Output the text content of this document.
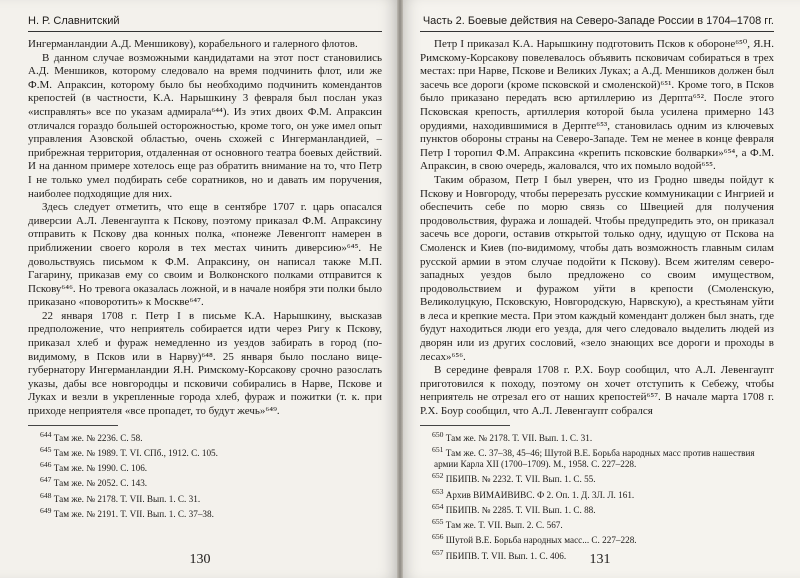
Н. Р. Славнитский

Ингерманландии А.Д. Меншикову), корабельного и галерного флотов.

В данном случае возможными кандидатами на этот пост становились А.Д. Меншиков, которому следовало на время подчинить флот, или же Ф.М. Апраксин, которому было бы необходимо подчинить комендантов крепостей (в частности, К.А. Нарышкину 3 февраля был послан указ «исправлять» все по указам адмирала⁶⁴⁴). Из этих двоих Ф.М. Апраксин отличался гораздо большей осторожностью, кроме того, он уже имел опыт управления Азовской областью, очень схожей с Ингерманландией, – прибрежная территория, отдаленная от основного театра боевых действий. И на данном примере хотелось еще раз обратить внимание на то, что Петр I не только умел подбирать себе соратников, но и давать им поручения, наиболее подходящие для них.

Здесь следует отметить, что еще в сентябре 1707 г. царь опасался диверсии А.Л. Левенгаупта к Пскову, поэтому приказал Ф.М. Апраксину отправить к Пскову два конных полка, «понеже Левенгопт намерен в приближении своего короля в тех местах чинить диверсию»⁶⁴⁵. Не довольствуясь письмом к Ф.М. Апраксину, он написал также М.П. Гагарину, приказав ему со своим и Волконского полками отправится к Пскову⁶⁴⁶. Но тревога оказалась ложной, и в начале ноября эти полки было приказано «поворотить» к Москве⁶⁴⁷.

22 января 1708 г. Петр I в письме К.А. Нарышкину, высказав предположение, что неприятель собирается идти через Ригу к Пскову, приказал хлеб и фураж немедленно из уездов забирать в город (по-видимому, в Псков или в Нарву)⁶⁴⁸. 25 января было послано вице-губернатору Ингерманландии Я.Н. Римскому-Корсакову срочно разослать указы, дабы все новгородцы и псковичи собирались в Нарве, Пскове и Луках и везли в укрепленные города хлеб, фураж и пожитки (т. к. при приходе неприятеля «все пропадет, то будут жечь»⁶⁴⁹.

$^{644}$ Там же. № 2236. С. 58.
$^{645}$ Там же. № 1989. Т. VI. СПб., 1912. С. 105.
$^{646}$ Там же. № 1990. С. 106.
$^{647}$ Там же. № 2052. С. 143.
$^{648}$ Там же. № 2178. Т. VII. Вып. 1. С. 31.
$^{649}$ Там же. № 2191. Т. VII. Вып. 1. С. 37–38.
130
Часть 2. Боевые действия на Северо-Западе России в 1704–1708 гг.

Петр I приказал К.А. Нарышкину подготовить Псков к обороне⁶⁵⁰, Я.Н. Римскому-Корсакову повелевалось объявить псковичам собираться в трех местах: при Нарве, Пскове и Великих Луках; а А.Д. Меншиков должен был засечь все дороги (кроме псковской и смоленской)⁶⁵¹. Кроме того, в Псков было приказано передать всю артиллерию из Дерпта⁶⁵². После этого Псковская крепость, артиллерия которой была усилена примерно 143 орудиями, находившимися в Дерпте⁶⁵³, становилась одним из ключевых пунктов обороны страны на Северо-Западе. Тем не менее в конце февраля Петр I торопил Ф.М. Апраксина «крепить псковские болварки»⁶⁵⁴, а Ф.М. Апраксин, в свою очередь, жаловался, что их помыло водой⁶⁵⁵.

Таким образом, Петр I был уверен, что из Гродно шведы пойдут к Пскову и Новгороду, чтобы перерезать русские коммуникации с Ингрией и обеспечить себе по морю связь со Швецией для получения продовольствия, фуража и лошадей. Чтобы предупредить это, он приказал засечь все дороги, оставив открытой только одну, идущую от Пскова на Смоленск и Киев (по-видимому, чтобы дать возможность главным силам русской армии в этом случае подойти к Пскову). Всем жителям северо-западных уездов было предложено со своим имуществом, продовольствием и фуражом уйти в крепости (Смоленскую, Великолуцкую, Псковскую, Новгородскую, Нарвскую), а крестьянам уйти в леса и крепкие места. При этом каждый комендант должен был знать, где будут находиться люди его уезда, для чего следовало выделить людей из дворян или из других сословий, «зело знающих все дороги и проходы в лесах»⁶⁵⁶.

В середине февраля 1708 г. Р.Х. Боур сообщил, что А.Л. Левенгаупт приготовился к походу, поэтому он хочет отступить к Себежу, чтобы неприятель не отрезал его от наших крепостей⁶⁵⁷. В начале марта 1708 г. Р.Х. Боур сообщил, что А.Л. Левенгаупт собрался

$^{650}$ Там же. № 2178. Т. VII. Вып. 1. С. 31.
$^{651}$ Там же. С. 37–38, 45–46; Шутой В.Е. Борьба народных масс против нашествия армии Карла XII (1700–1709). М., 1958. С. 227–228.
$^{652}$ ПБИПВ. № 2232. Т. VII. Вып. 1. С. 55.
$^{653}$ Архив ВИМАИВИВС. Ф 2. Оп. 1. Д. 3Л. Л. 161.
$^{654}$ ПБИПВ. № 2285. Т. VII. Вып. 1. С. 88.
$^{655}$ Там же. Т. VII. Вып. 2. С. 567.
$^{656}$ Шутой В.Е. Борьба народных масс... С. 227–228.
$^{657}$ ПБИПВ. Т. VII. Вып. 1. С. 406.	131
